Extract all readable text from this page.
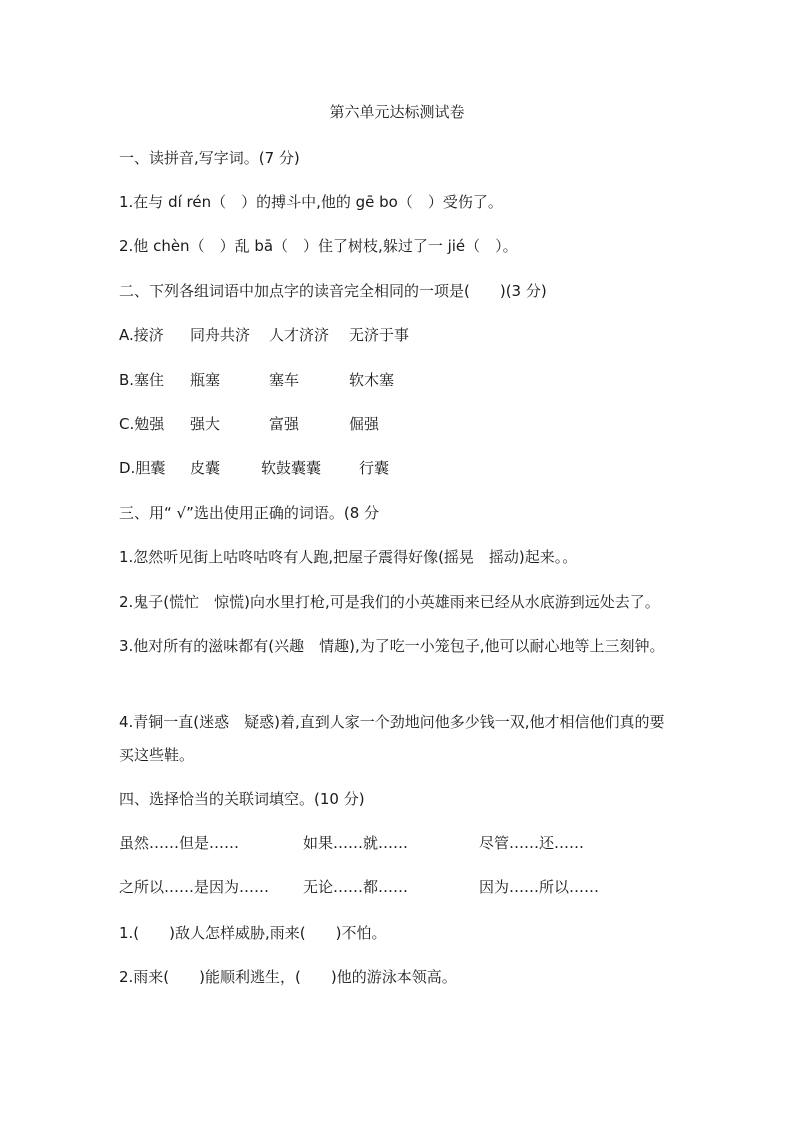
第六单元达标测试卷
一、读拼音,写字词。(7 分)
1.在与 dí rén（　）的搏斗中,他的 gē bo（　）受伤了。
2.他 chèn（　）乱 bā（　）住了树枝,躲过了一 jié（　）。
二、下列各组词语中加点字的读音完全相同的一项是(　　)(3 分)
A.接济 同舟共济 人才济济 无济于事
B.塞住 瓶塞	塞车	软木塞
C.勉强 强大	富强	倔强
D.胆囊 皮囊	软鼓囊囊	行囊
三、用“ √”选出使用正确的词语。(8 分
1.忽然听见街上咕咚咕咚有人跑,把屋子震得好像(摇晃　摇动)起来。。
2.鬼子(慌忙　惊慌)向水里打枪,可是我们的小英雄雨来已经从水底游到远处去了。
3.他对所有的滋味都有(兴趣　情趣),为了吃一小笼包子,他可以耐心地等上三刻钟。
4.青铜一直(迷惑　疑惑)着,直到人家一个劲地问他多少钱一双,他才相信他们真的要买这些鞋。
四、选择恰当的关联词填空。(10 分)
虽然……但是……	如果……就……	尽管……还……
之所以……是因为…… 无论……都……	因为……所以……
1.(　　)敌人怎样威胁,雨来(　　)不怕。
2.雨来(　　)能顺利逃生，(　　)他的游泳本领高。
